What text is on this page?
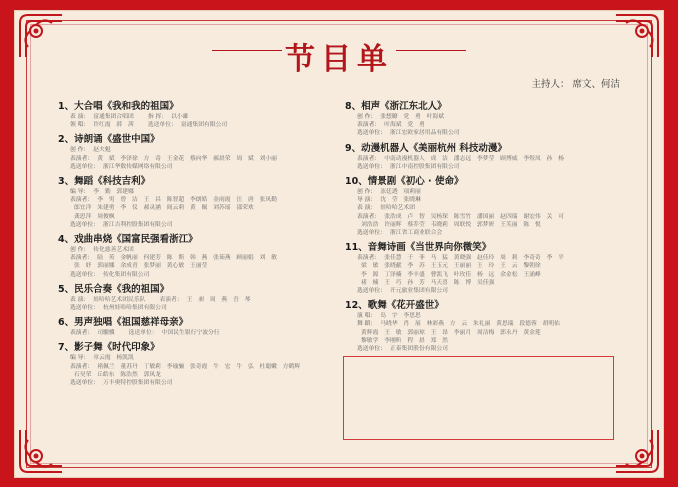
节目单
主持人： 席文、何洁
1、大合唱《我和我的祖国》
表 演： 富通集团合唱团 指 挥： 以小雄
领 唱： 许红霞　薛　茜 选送单位： 富通集团有限公司
2、诗朗诵《盛世中国》
创 作： 赵夫魁
表演者： 黄　斌　李泽徐　方　奇　王金花　蔡向华　郝晨荣　周　斌　刘小丽
选送单位： 浙江华数传媒网络有限公司
3、舞蹈《科技吉利》
编 导： 李　勤　郭建娜
表演者： 李　男　曾　洁　王　昌　陈智超　李朗皓　金雨霞　汪　唐　张凤勤
郎宜洋　朱建勇　李　仪　郝灵涵　阎云莉　黄　佩　刘苏瑶　邵荣欢
龚思萍　周俊枫
选送单位： 浙江吉利控股集团有限公司
4、戏曲串烧《国富民强看浙江》
创 作： 传化慈善艺术团
表演者： 陆　英　金帆丽　何建芳　陈　斯　韩　燕　张茹燕　顾丽娟　刘　敏
张　妤　郭丽娜　余成青　张梦丽　黄心敏　王丽莹
选送单位： 传化集团有限公司
5、民乐合奏《我的祖国》
表 演： 娃哈哈艺术团民乐队 表演者： 王　昶　周　燕　吾　琴
选送单位： 杭州娃哈哈集团有限公司
6、男声独唱《祖国慈祥母亲》
表演者： 司騮骥 选送单位： 中国民生银行宁波分行
7、影子舞《时代印象》
编 导： 章云霞　杨凯凯
表演者： 褚佩兰　董苏丹　丁敏莉　李瑜骊　张奇霞　牛　宏　牛　弘　杜聪嫩　方鹤辉
石昊荣　丘皓东　陈浩然　郭凤龙
选送单位： 万丰奥特控股集团有限公司
8、相声《浙江东北人》
创 作： 张想瞭　党　勇　叶海斌
表演者： 叶海斌　党　勇
选送单位： 浙江宏欧家居用品有限公司
9、动漫机器人《美丽杭州 科技动漫》
表演者： 中南动漫机器人　成　洁　潘志远　李梦莹　顾博威　李煜凤　孙　杨
选送单位： 浙江中南控股集团有限公司
10、情景剧《初心 · 使命》
创 作： 冻廷透　项莉丽
导 演： 沈　莹　张晓琳
表 演： 娃哈哈艺术团
表演者： 张浩成　卢　智　吴杨琛　陈雪竹　潘国丽　赵四瑞　谢宏伟　关　可
刘浩浩　许丽辉　蔡乔莹　韦晓莉　周联悦　郭梦妍　王芙丽　陈　悦
选送单位： 浙江省工商业联合会
11、音舞诗画《当世界向你微笑》
表演者： 张佳慧　于　菲　马　猛　黄晓强　赵佳玲　周　莉　李奇奇　李　平
梁　敏　张晓献　李　苏　王玉元　王丽丽　王　玲　王　云　黎朝徐
李　源　丁泽楠　李丰盛　曹凯飞　叶玫佳　杨　远　余金松　王涌峰
褚　楠　王　巧　孙　芳　马天喜　陈　博　吴佳强
选送单位： 开元旅业集团有限公司
12、歌舞《花开盛世》
演 唱： 岛　宇　李思思
舞 蹈： 马晓华　肖　展　林彩燕　方　云　朱礼丽　黄思瑞　段德蓉　胡明佑
黄辉霞　王　敏　郭丽琼　王　昂　李丽月　周洁梅　郭永丹　黄金莲
黎敏学　李刚昕　程　晨　郑　然
选送单位： 正泰集团股份有限公司
